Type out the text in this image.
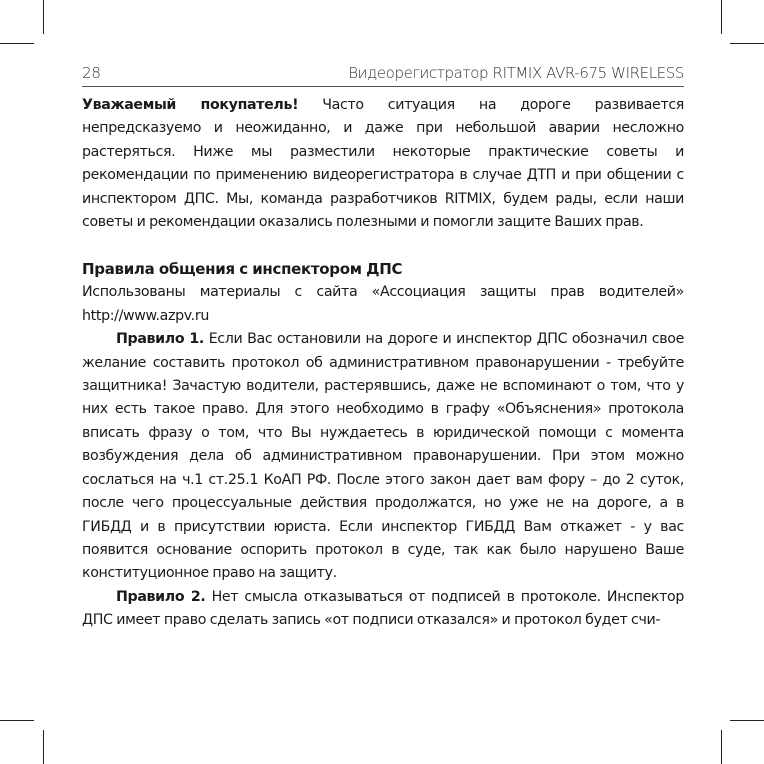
28	Видеорегистратор RITMIX AVR-675 WIRELESS

Уважаемый покупатель! Часто ситуация на дороге развивается непредсказуемо и неожиданно, и даже при небольшой аварии несложно растеряться. Ниже мы разместили некоторые практические советы и рекомендации по применению видеорегистратора в случае ДТП и при общении с инспектором ДПС. Мы, команда разработчиков RITMIX, будем рады, если наши советы и рекомендации оказались полезными и помогли защите Ваших прав.

Правила общения с инспектором ДПС

Использованы материалы с сайта «Ассоциация защиты прав водителей» http://www.azpv.ru

Правило 1. Если Вас остановили на дороге и инспектор ДПС обозначил свое желание составить протокол об административном правонарушении - требуйте защитника! Зачастую водители, растерявшись, даже не вспоминают о том, что у них есть такое право. Для этого необходимо в графу «Объяснения» протокола вписать фразу о том, что Вы нуждаетесь в юридической помощи с момента возбуждения дела об административном правонарушении. При этом можно сослаться на ч.1 ст.25.1 КоАП РФ. После этого закон дает вам фору – до 2 суток, после чего процессуальные действия продолжатся, но уже не на дороге, а в ГИБДД и в присутствии юриста. Если инспектор ГИБДД Вам откажет - у вас появится основание оспорить протокол в суде, так как было нарушено Ваше конституционное право на защиту.

Правило 2. Нет смысла отказываться от подписей в протоколе. Инспектор ДПС имеет право сделать запись «от подписи отказался» и протокол будет счи-
